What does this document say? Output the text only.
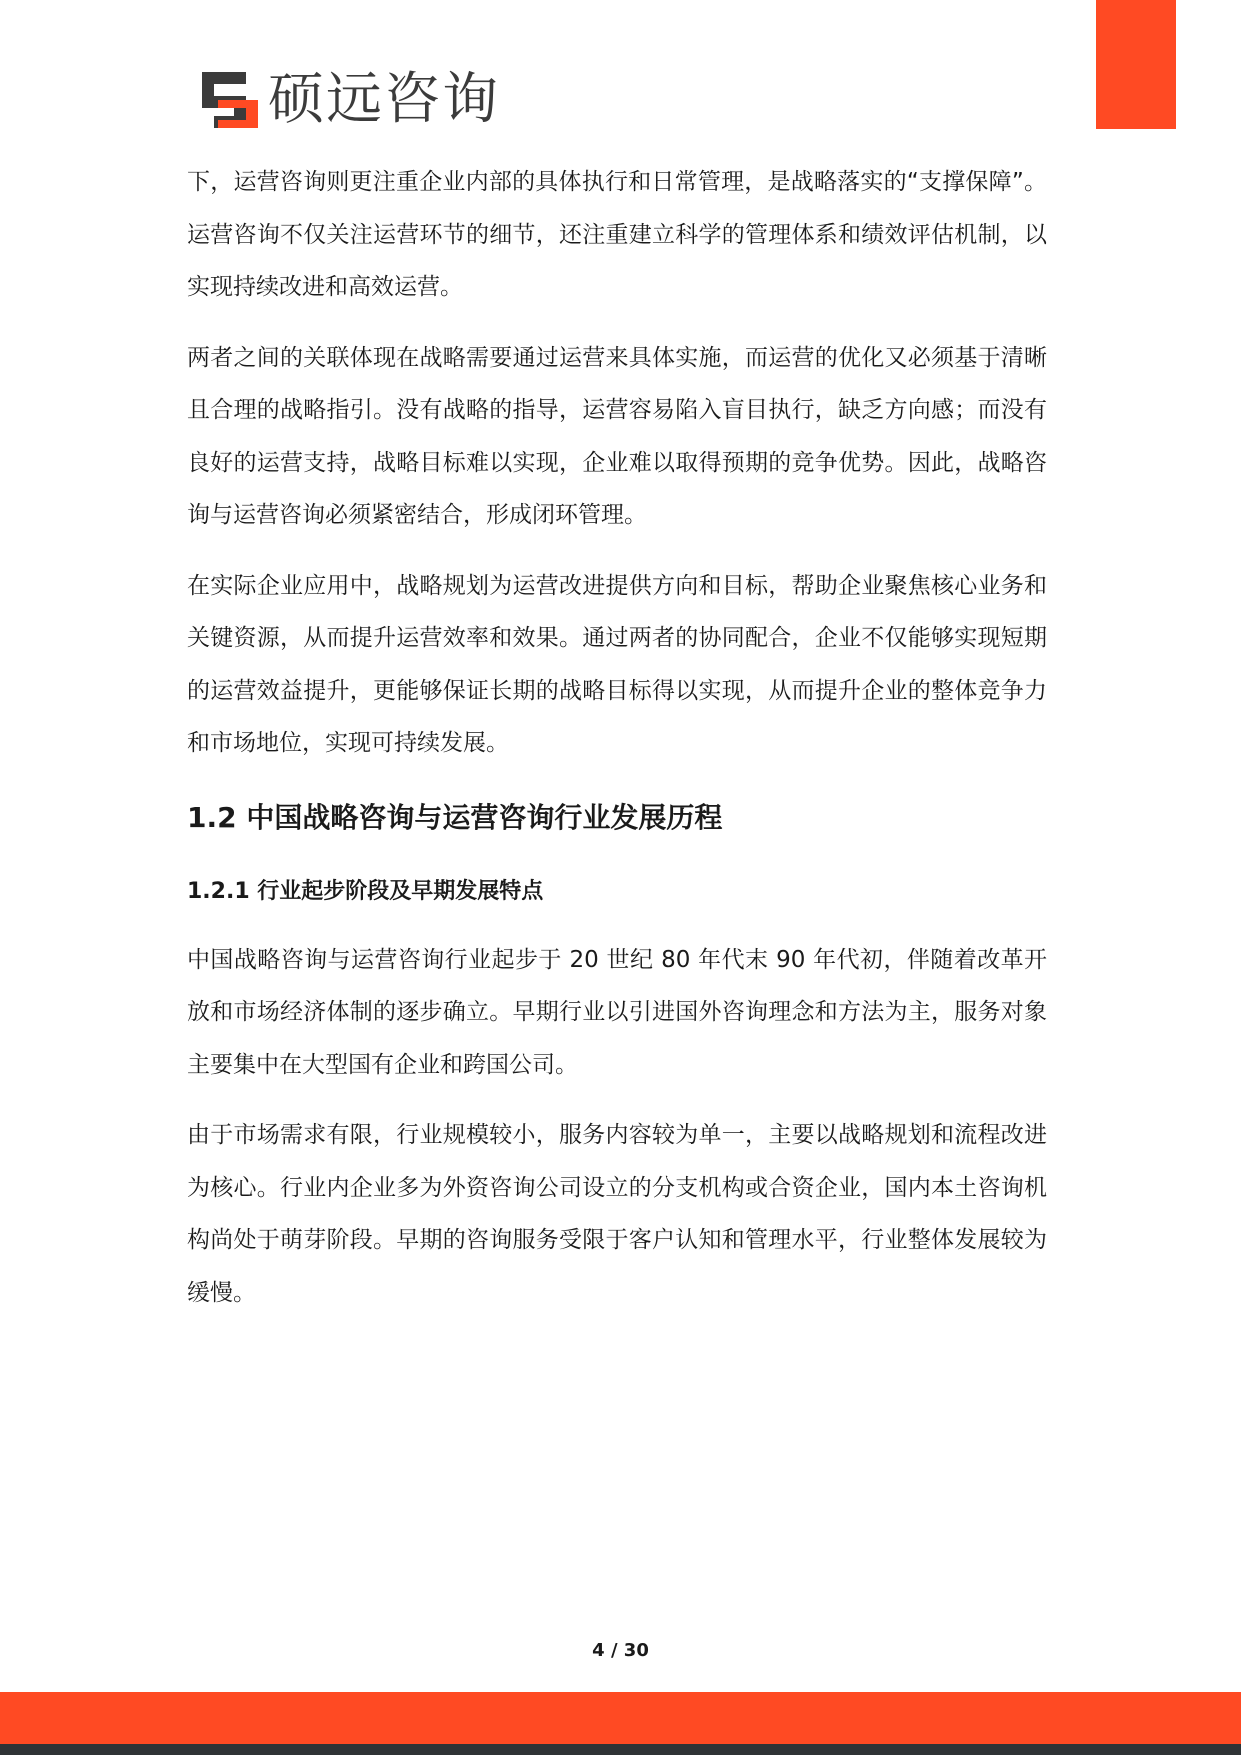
硕远咨询

下，运营咨询则更注重企业内部的具体执行和日常管理，是战略落实的“支撑保障”。运营咨询不仅关注运营环节的细节，还注重建立科学的管理体系和绩效评估机制，以实现持续改进和高效运营。

两者之间的关联体现在战略需要通过运营来具体实施，而运营的优化又必须基于清晰且合理的战略指引。没有战略的指导，运营容易陷入盲目执行，缺乏方向感；而没有良好的运营支持，战略目标难以实现，企业难以取得预期的竞争优势。因此，战略咨询与运营咨询必须紧密结合，形成闭环管理。

在实际企业应用中，战略规划为运营改进提供方向和目标，帮助企业聚焦核心业务和关键资源，从而提升运营效率和效果。通过两者的协同配合，企业不仅能够实现短期的运营效益提升，更能够保证长期的战略目标得以实现，从而提升企业的整体竞争力和市场地位，实现可持续发展。

1.2 中国战略咨询与运营咨询行业发展历程
1.2.1 行业起步阶段及早期发展特点

中国战略咨询与运营咨询行业起步于 20 世纪 80 年代末 90 年代初，伴随着改革开放和市场经济体制的逐步确立。早期行业以引进国外咨询理念和方法为主，服务对象主要集中在大型国有企业和跨国公司。

由于市场需求有限，行业规模较小，服务内容较为单一，主要以战略规划和流程改进为核心。行业内企业多为外资咨询公司设立的分支机构或合资企业，国内本土咨询机构尚处于萌芽阶段。早期的咨询服务受限于客户认知和管理水平，行业整体发展较为缓慢。

4 / 30
